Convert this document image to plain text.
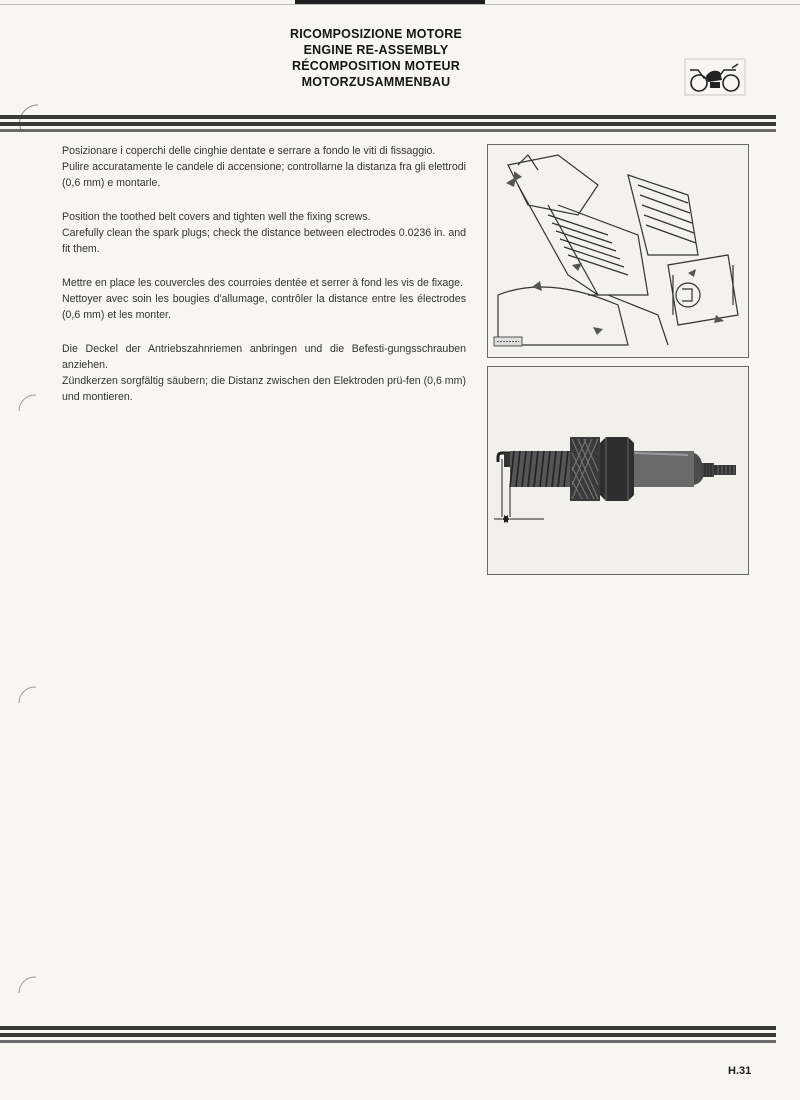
RICOMPOSIZIONE MOTORE
ENGINE RE-ASSEMBLY
RÉCOMPOSITION MOTEUR
MOTORZUSAMMENBAU

Posizionare i coperchi delle cinghie dentate e serrare a fondo le viti di fissaggio.
Pulire accuratamente le candele di accensione; controllarne la distanza fra gli elettrodi (0,6 mm) e montarle.

Position the toothed belt covers and tighten well the fixing screws.
Carefully clean the spark plugs; check the distance between electrodes 0.0236 in. and fit them.

Mettre en place les couvercles des courroies dentée et serrer à fond les vis de fixage.
Nettoyer avec soin les bougies d'allumage, contrôler la distance entre les électrodes (0,6 mm) et les monter.

Die Deckel der Antriebszahnriemen anbringen und die Befesti-gungsschrauben anziehen.
Zündkerzen sorgfältig säubern; die Distanz zwischen den Elektroden prü-fen (0,6 mm) und montieren.

H.31
